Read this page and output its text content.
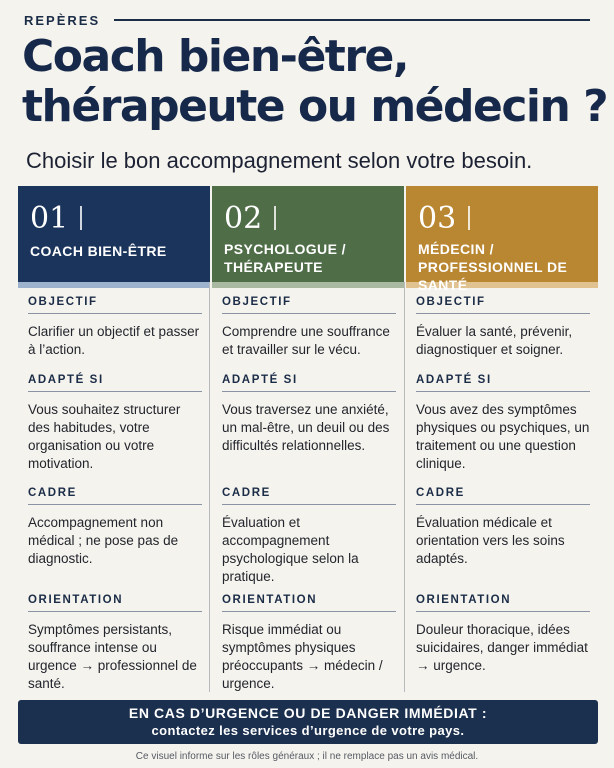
REPÈRES
Coach bien-être,
thérapeute ou médecin ?

Choisir le bon accompagnement selon votre besoin.

01
COACH BIEN-ÊTRE
OBJECTIF
Clarifier un objectif et passer à l’action.
ADAPTÉ SI
Vous souhaitez structurer des habitudes, votre organisation ou votre motivation.
CADRE
Accompagnement non médical ; ne pose pas de diagnostic.
ORIENTATION
Symptômes persistants, souffrance intense ou urgence → professionnel de santé.
02
PSYCHOLOGUE /
THÉRAPEUTE
OBJECTIF
Comprendre une souffrance et travailler sur le vécu.
ADAPTÉ SI
Vous traversez une anxiété, un mal-être, un deuil ou des difficultés relationnelles.
CADRE
Évaluation et accompagnement psychologique selon la pratique.
ORIENTATION
Risque immédiat ou symptômes physiques préoccupants → médecin / urgence.
03
MÉDECIN /
PROFESSIONNEL DE SANTÉ
OBJECTIF
Évaluer la santé, prévenir, diagnostiquer et soigner.
ADAPTÉ SI
Vous avez des symptômes physiques ou psychiques, un traitement ou une question clinique.
CADRE
Évaluation médicale et orientation vers les soins adaptés.
ORIENTATION
Douleur thoracique, idées suicidaires, danger immédiat → urgence.
EN CAS D’URGENCE OU DE DANGER IMMÉDIAT :
contactez les services d’urgence de votre pays.

Ce visuel informe sur les rôles généraux ; il ne remplace pas un avis médical.
